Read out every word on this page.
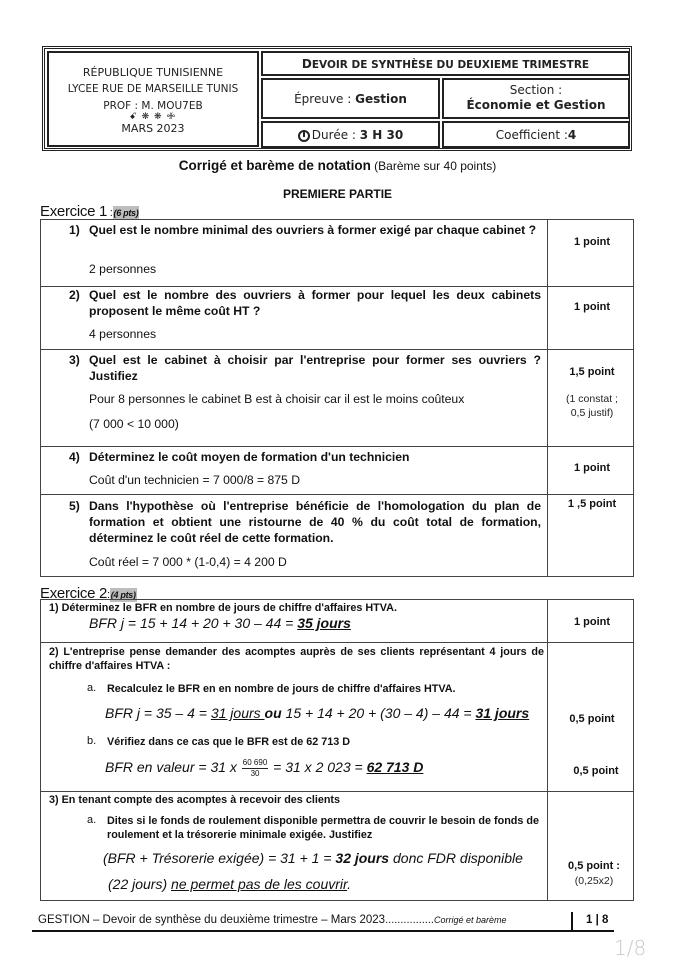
RÉPUBLIQUE TUNISIENNE
LYCEE RUE DE MARSEILLE TUNIS
PROF : M. MOU7EB
ꗃ ❋ ❋ ꗂ
MARS 2023
DEVOIR DE SYNTHÈSE DU DEUXIEME TRIMESTRE
Épreuve : Gestion
Section :
Économie et Gestion
Durée : 3 H 30	Coefficient :4
Corrigé et barème de notation (Barème sur 40 points)
PREMIERE PARTIE
Exercice 1 :(6 pts)
1) Quel est le nombre minimal des ouvriers à former exigé par chaque cabinet ?
2 personnes
1 point
2) Quel est le nombre des ouvriers à former pour lequel les deux cabinets proposent le même coût HT ?
4 personnes
1 point
3) Quel est le cabinet à choisir par l'entreprise pour former ses ouvriers ? Justifiez
Pour 8 personnes le cabinet B est à choisir car il est le moins coûteux
(7 000 < 10 000)
1,5 point
(1 constat ;
0,5 justif)
4) Déterminez le coût moyen de formation d'un technicien
Coût d'un technicien = 7 000/8 = 875 D
1 point
5) Dans l'hypothèse où l'entreprise bénéficie de l'homologation du plan de formation et obtient une ristourne de 40 % du coût total de formation, déterminez le coût réel de cette formation.
Coût réel = 7 000 * (1-0,4) = 4 200 D
1 ,5 point
Exercice 2:(4 pts)
1) Déterminez le BFR en nombre de jours de chiffre d'affaires HTVA.
BFR j = 15 + 14 + 20 + 30 – 44 = 35 jours	1 point
2) L'entreprise pense demander des acomptes auprès de ses clients représentant 4 jours de chiffre d'affaires HTVA :
a. Recalculez le BFR en en nombre de jours de chiffre d'affaires HTVA.
BFR j = 35 – 4 = 31 jours ou 15 + 14 + 20 + (30 – 4) – 44 = 31 jours	0,5 point
b. Vérifiez dans ce cas que le BFR est de 62 713 D
BFR en valeur = 31 x $\frac{60 690}{30} = 31$ x 2 023 = 62 713 D	0,5 point
3) En tenant compte des acomptes à recevoir des clients
a. Dites si le fonds de roulement disponible permettra de couvrir le besoin de fonds de roulement et la trésorerie minimale exigée. Justifiez
(BFR + Trésorerie exigée) = 31 + 1 = 32 jours donc FDR disponible
(22 jours) ne permet pas de les couvrir.
0,5 point :
(0,25x2)
GESTION – Devoir de synthèse du deuxième trimestre – Mars 2023................Corrigé et barème	1 | 8
1/8
